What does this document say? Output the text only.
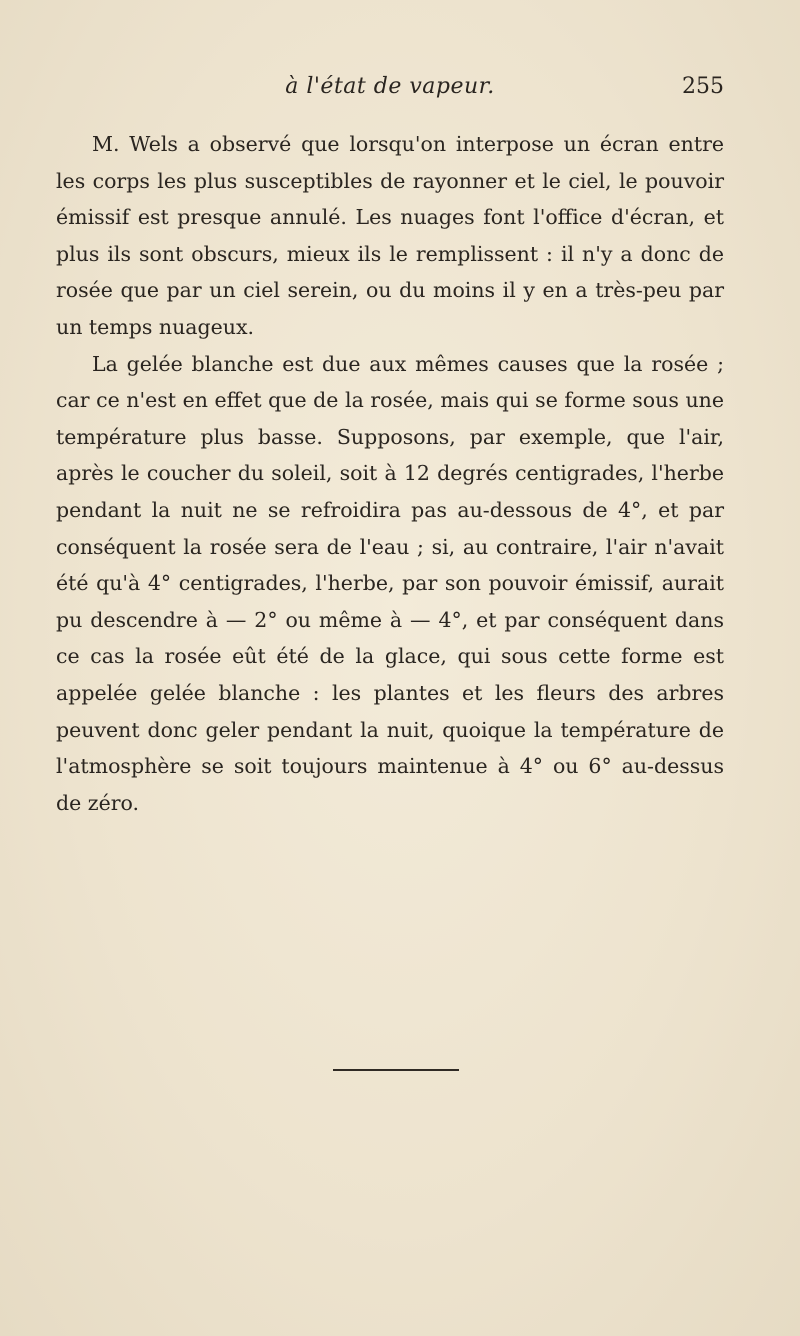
à l'état de vapeur.	255

M. Wels a observé que lorsqu'on interpose un écran entre les corps les plus susceptibles de rayonner et le ciel, le pouvoir émissif est presque annulé. Les nuages font l'office d'écran, et plus ils sont obscurs, mieux ils le remplissent : il n'y a donc de rosée que par un ciel serein, ou du moins il y en a très-peu par un temps nuageux.

La gelée blanche est due aux mêmes causes que la rosée ; car ce n'est en effet que de la rosée, mais qui se forme sous une température plus basse. Supposons, par exemple, que l'air, après le coucher du soleil, soit à 12 degrés centigrades, l'herbe pendant la nuit ne se refroidira pas au-dessous de 4°, et par conséquent la rosée sera de l'eau ; si, au contraire, l'air n'avait été qu'à 4° centigrades, l'herbe, par son pouvoir émissif, aurait pu descendre à — 2° ou même à — 4°, et par conséquent dans ce cas la rosée eût été de la glace, qui sous cette forme est appelée gelée blanche : les plantes et les fleurs des arbres peuvent donc geler pendant la nuit, quoique la température de l'atmosphère se soit toujours maintenue à 4° ou 6° au-dessus de zéro.
